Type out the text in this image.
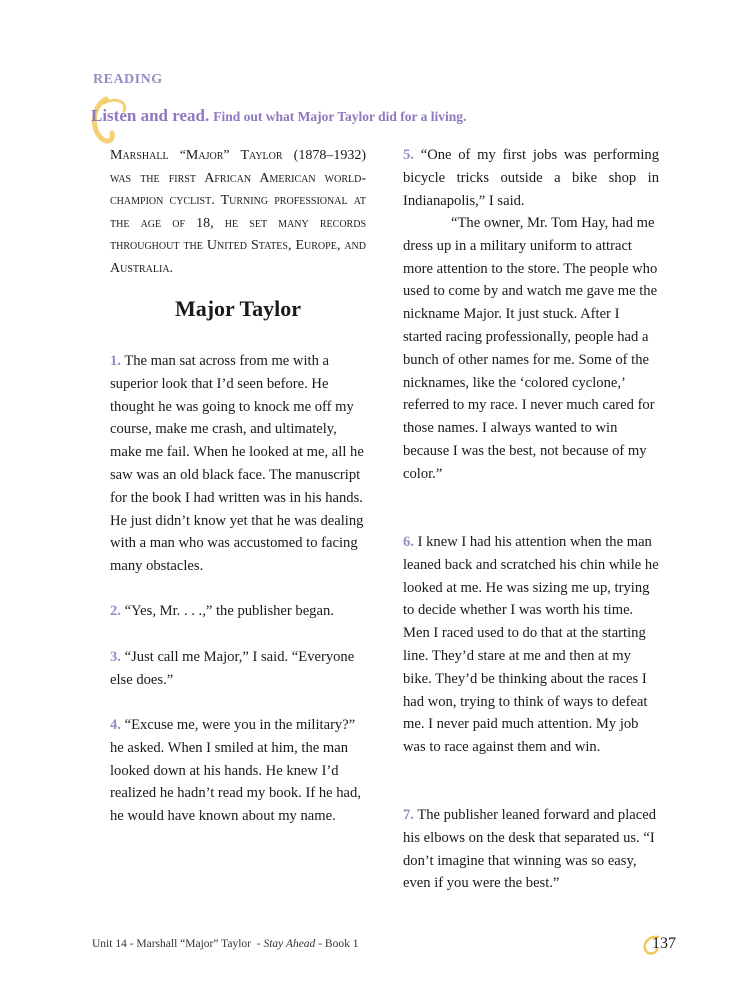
READING
Listen and read. Find out what Major Taylor did for a living.
Marshall “Major” Taylor (1878–1932) was the first African American world-champion cyclist. Turning professional at the age of 18, he set many records throughout the United States, Europe, and Australia.
Major Taylor

1. The man sat across from me with a superior look that I’d seen before. He thought he was going to knock me off my course, make me crash, and ultimately, make me fail. When he looked at me, all he saw was an old black face. The manuscript for the book I had written was in his hands. He just didn’t know yet that he was dealing with a man who was accustomed to facing many obstacles.

2. “Yes, Mr. . . .,” the publisher began.

3. “Just call me Major,” I said. “Everyone else does.”

4. “Excuse me, were you in the military?” he asked. When I smiled at him, the man looked down at his hands. He knew I’d realized he hadn’t read my book. If he had, he would have known about my name.

5. “One of my first jobs was performing bicycle tricks outside a bike shop in Indianapolis,” I said.

“The owner, Mr. Tom Hay, had me dress up in a military uniform to attract more attention to the store. The people who used to come by and watch me gave me the nickname Major. It just stuck. After I started racing professionally, people had a bunch of other names for me. Some of the nicknames, like the ‘colored cyclone,’ referred to my race. I never much cared for those names. I always wanted to win because I was the best, not because of my color.”

6. I knew I had his attention when the man leaned back and scratched his chin while he looked at me. He was sizing me up, trying to decide whether I was worth his time. Men I raced used to do that at the starting line. They’d stare at me and then at my bike. They’d be thinking about the races I had won, trying to think of ways to defeat me. I never paid much attention. My job was to race against them and win.

7. The publisher leaned forward and placed his elbows on the desk that separated us. “I don’t imagine that winning was so easy, even if you were the best.”

Unit 14 - Marshall “Major” Taylor  - Stay Ahead - Book 1	137
